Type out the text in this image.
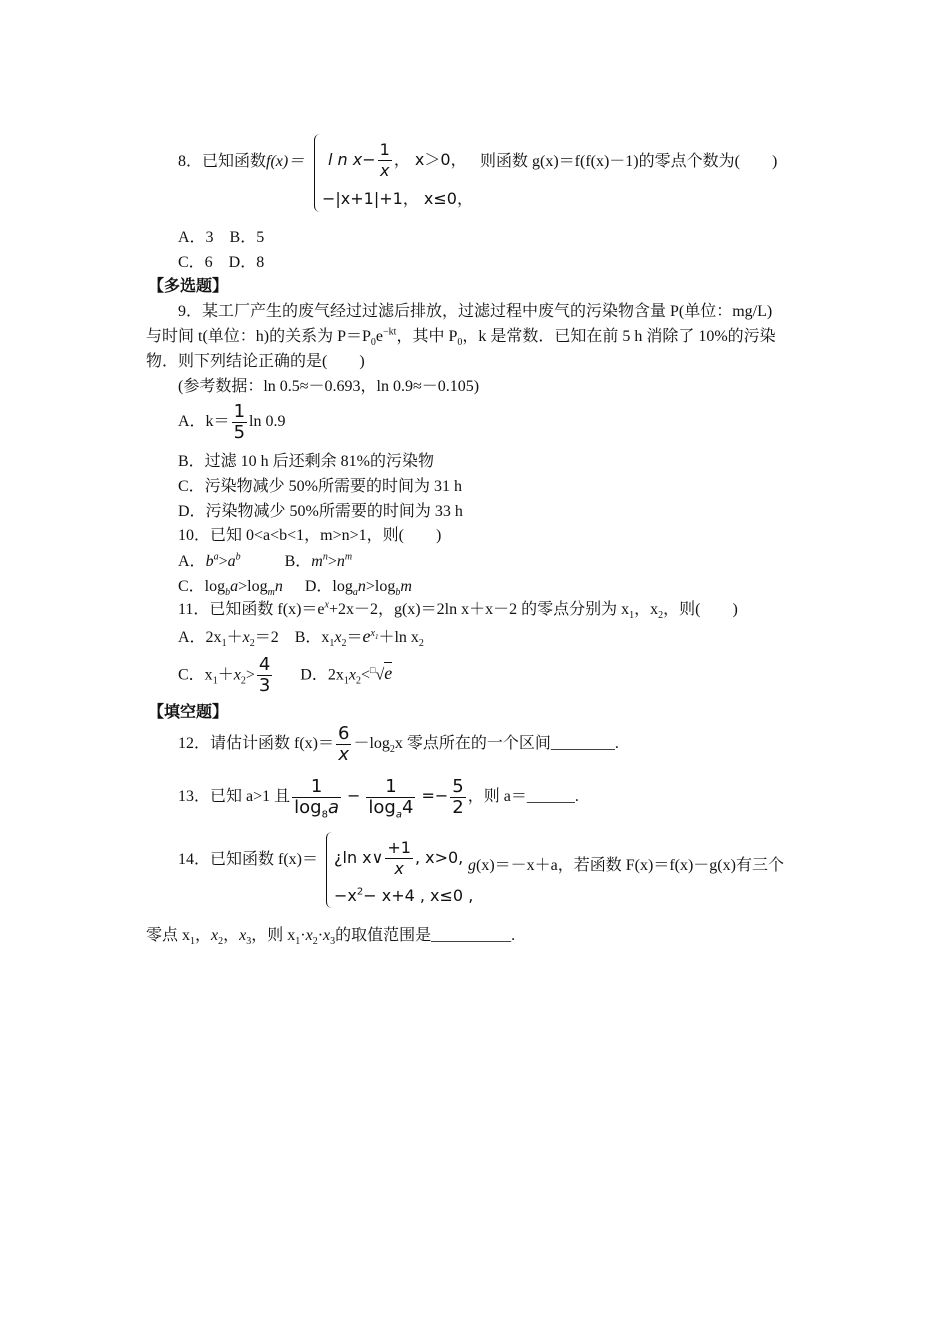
8．已知函数f(x)＝ l n $x- \frac{1}{x}$ ， x＞0，
−|x+1|+1， x≤0，
则函数 g(x)＝f(f(x)－1)的零点个数为(　　)
A．3　B．5
C．6　D．8
【多选题】
9．某工厂产生的废气经过过滤后排放，过滤过程中废气的污染物含量 P(单位：mg/L)
与时间 t(单位：h)的关系为 $P=P_0e^{-kt}$，其中 $P_0$，k 是常数．已知在前 5 h 消除了 10%的污染
物．则下列结论正确的是(　　)
(参考数据：ln 0.5≈－0.693，ln 0.9≈－0.105)
A．$k= \frac{1}{5}$ ln 0.9
B．过滤 10 h 后还剩余 81%的污染物
C．污染物减少 50%所需要的时间为 31 h
D．污染物减少 50%所需要的时间为 33 h
10．已知 0<a<b<1，m>n>1，则(　　)
A．$b^a>a^b$	B．$m^n>n^m$
C．$\log_ba>\log_mn$ D．$\log_an>\log_bm$
11．已知函数 $f(x)=e^x+2x-2$，g(x)＝2ln x＋x－2 的零点分别为 $x_1$，$x_2$，则(　　)
A．$2x_1+x_2=2$  B．$x_1x_2=e^{x_1}+\ln$ $x_2$
C．$x_1+x_2> \frac{4}{3}$ D．$2x_1x_2<^□√e$
【填空题】
12．请估计函数 $f(x)= \frac{6}{x} -\log_2x$ 零点所在的一个区间________.
13．已知 a>1 且 $\frac{1}{\log_8a} - \frac{1}{\log_a4} =- \frac{5}{2}$ ，则 a＝______.
14．已知函数 f(x)＝ ¿ln x∨ $\frac{+1}{x}$ , x>0,
$-x^2- x+4$ , x≤0 ,
g(x)＝－x＋a，若函数 F(x)＝f(x)－g(x)有三个
零点 $x_1$，$x_2$，$x_3$，则 $x_1\cdot x_2\cdot x_3$的取值范围是__________.
